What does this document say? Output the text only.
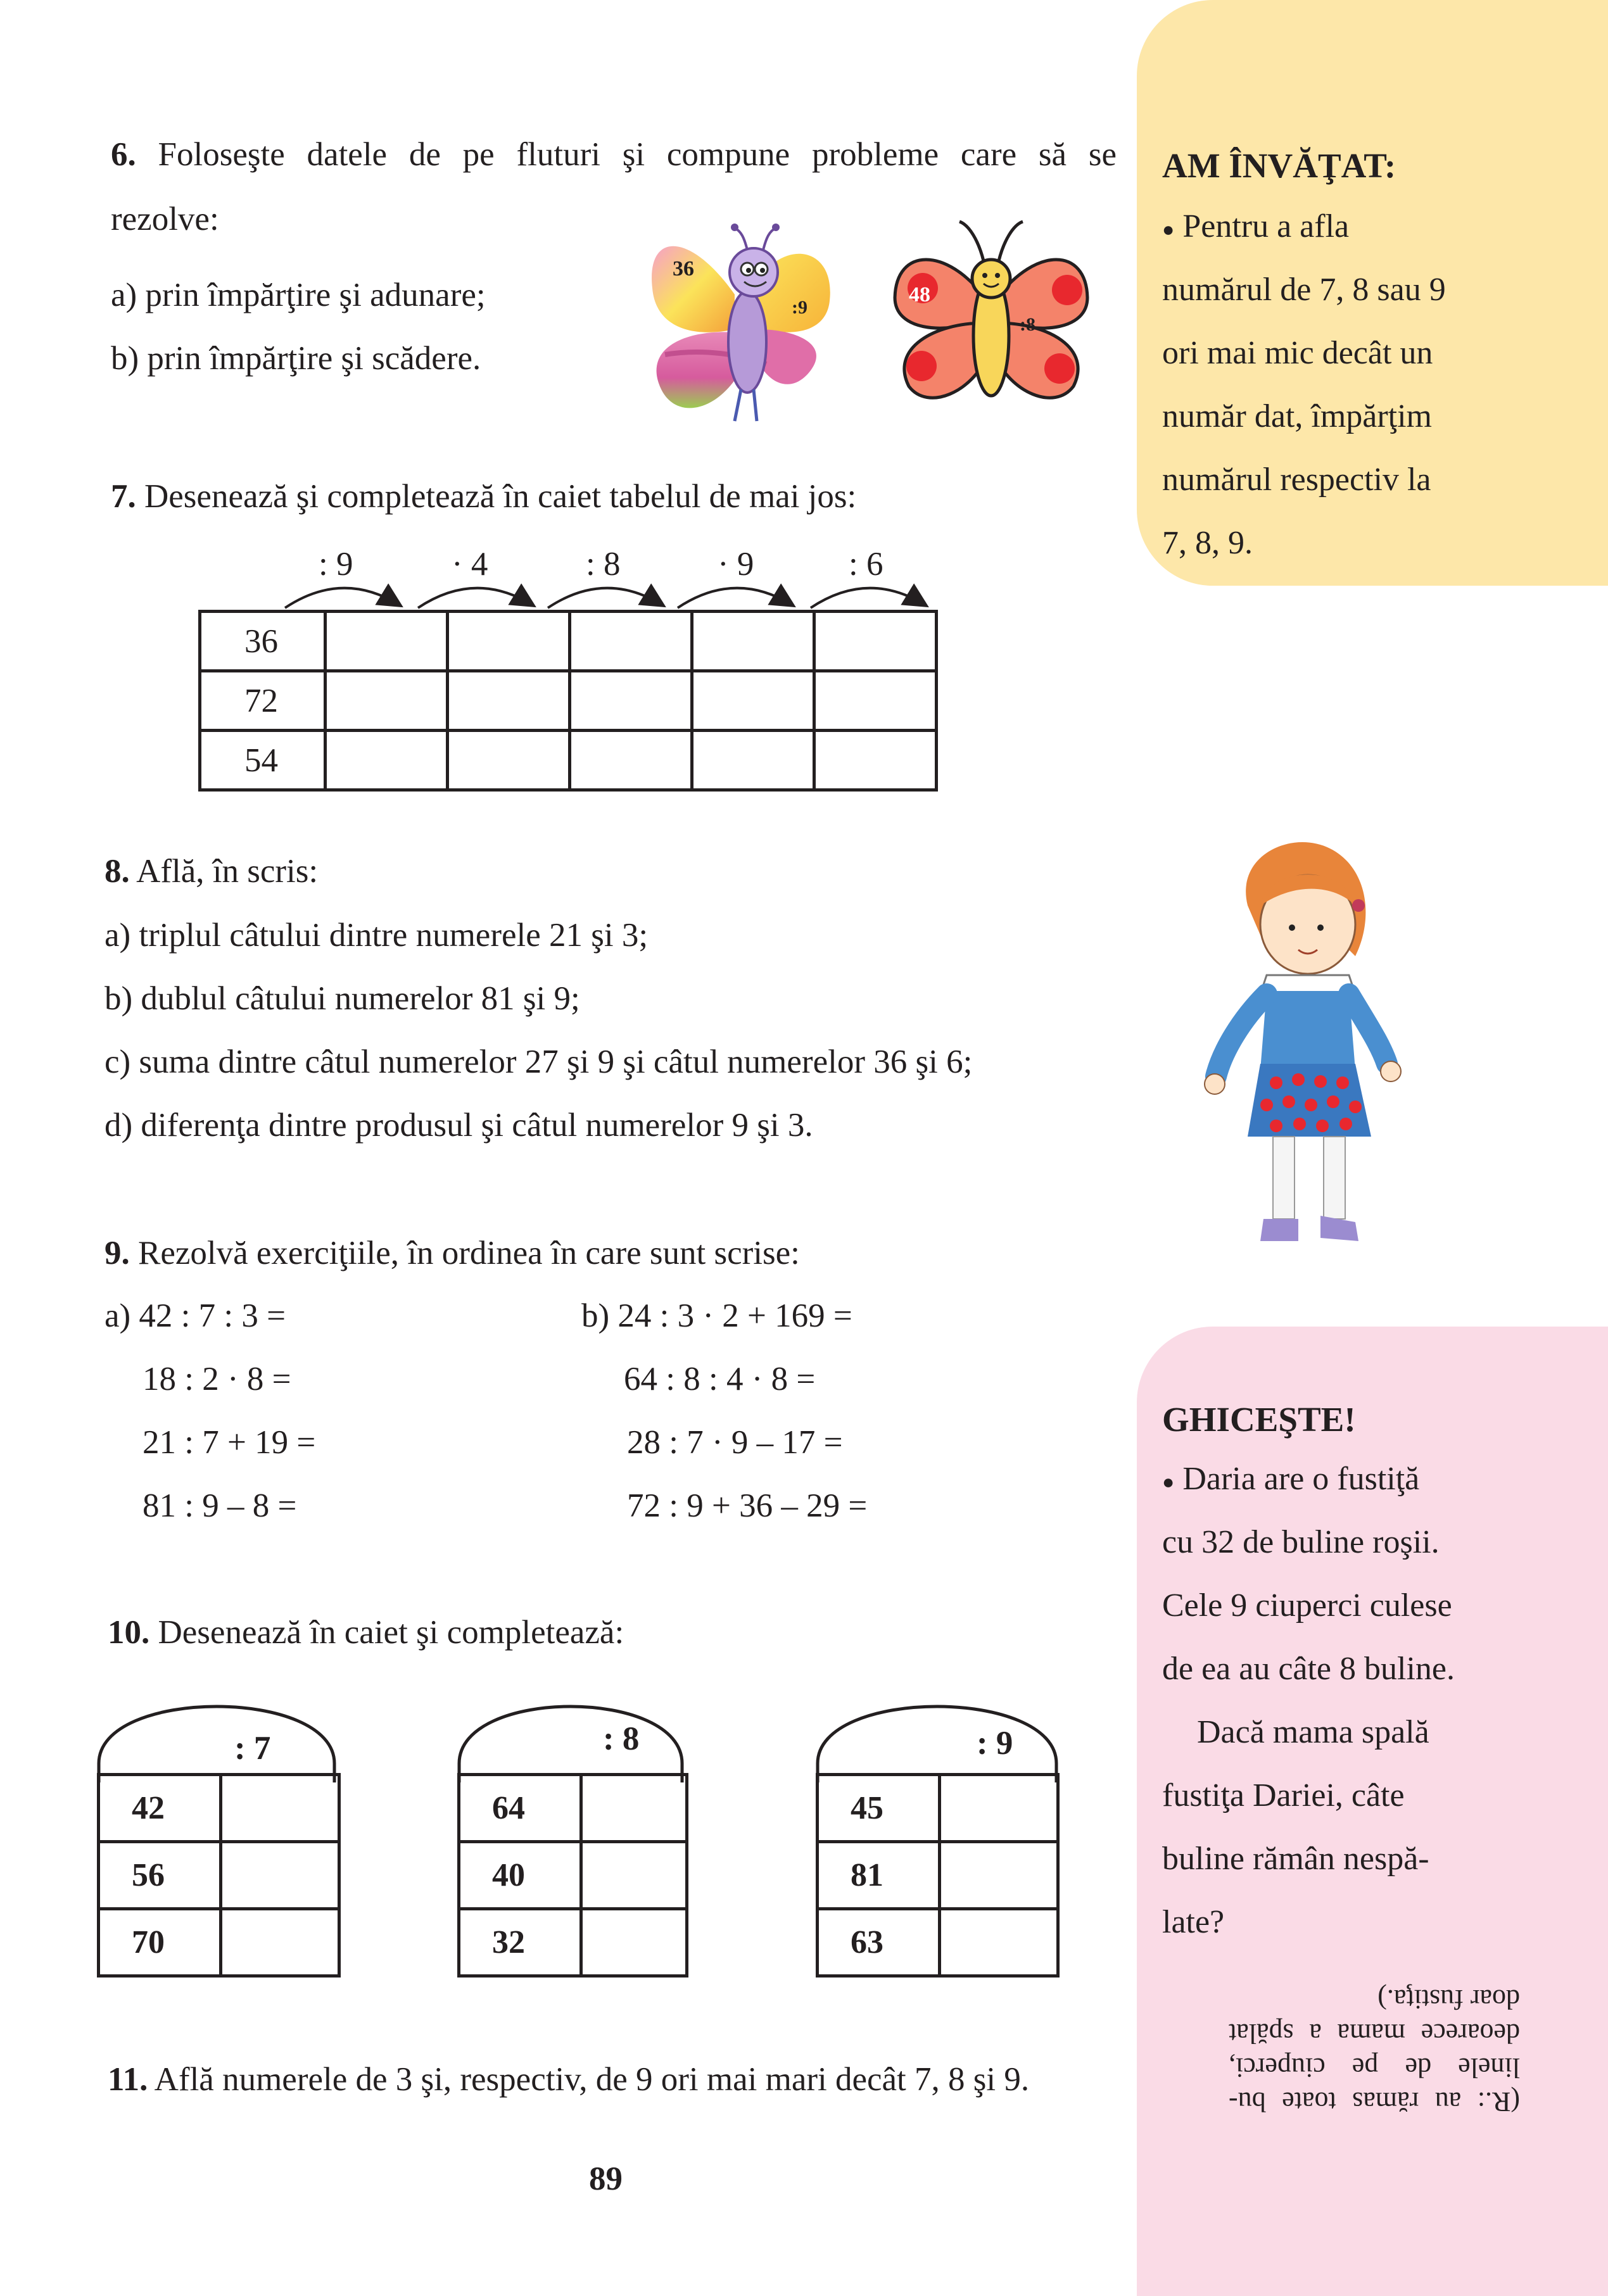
6. Foloseşte datele de pe fluturi şi compune probleme care să se
rezolve:
a) prin împărţire şi adunare;
b) prin împărţire şi scădere.
36
:9
48
:8
7. Desenează şi completează în caiet tabelul de mai jos:
: 9	· 4	: 8	· 9	: 6
36					
72					
54					
8. Află, în scris:
a) triplul câtului dintre numerele 21 şi 3;
b) dublul câtului numerelor 81 şi 9;
c) suma dintre câtul numerelor 27 şi 9 şi câtul numerelor 36 şi 6;
d) diferenţa dintre produsul şi câtul numerelor 9 şi 3.
9. Rezolvă exerciţiile, în ordinea în care sunt scrise:
a) 42 : 7 : 3 =
18 : 2 · 8 =
21 : 7 + 19 =
81 : 9 – 8 =
b) 24 : 3 · 2 + 169 =
64 : 8 : 4 · 8 =
28 : 7 · 9 – 17 =
72 : 9 + 36 – 29 =
10. Desenează în caiet şi completează:
: 7
42	
56	
70	
: 8
64	
40	
32	
: 9
45	
81	
63	
11. Află numerele de 3 şi, respectiv, de 9 ori mai mari decât 7, 8 şi 9.
89
AM ÎNVĂŢAT:
● Pentru a afla
numărul de 7, 8 sau 9
ori mai mic decât un
număr dat, împărţim
numărul respectiv la
7, 8, 9.
GHICEŞTE!
● Daria are o fustiţă
cu 32 de buline roşii.
Cele 9 ciuperci culese
de ea au câte 8 buline.
Dacă mama spală
fustiţa Dariei, câte
buline rămân nespă-
late?
(R.: au rămas toate bu-
linele de pe ciuperci,
deoarece mama a spălat
doar fustiţa.)
